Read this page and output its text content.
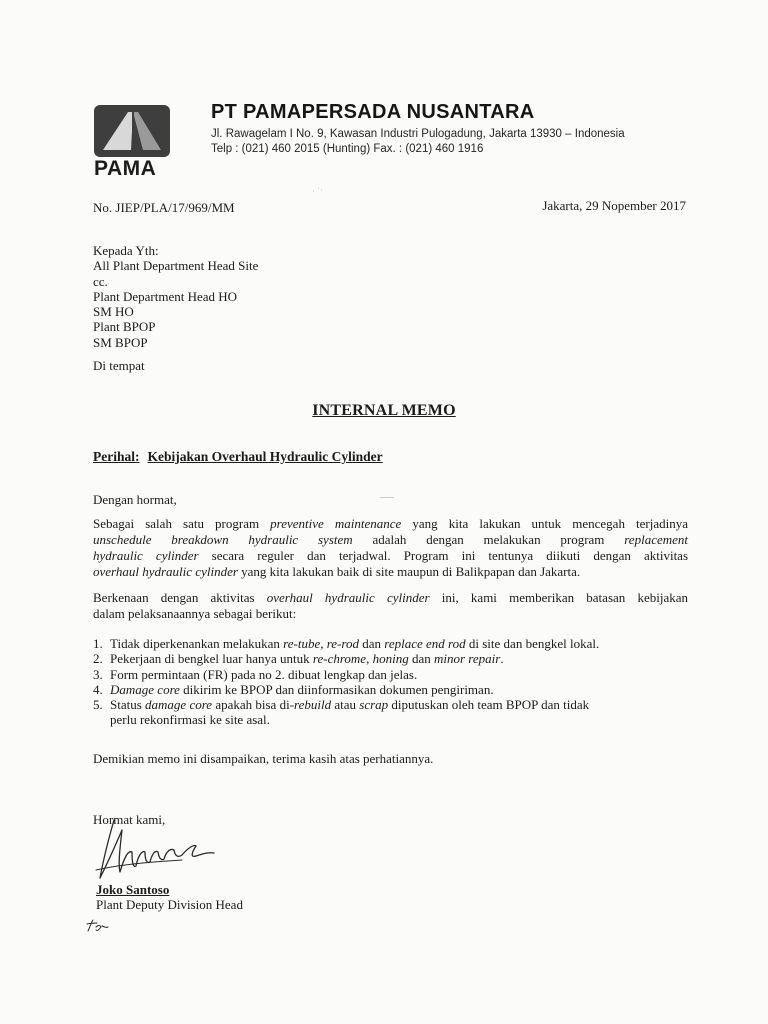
PAMA
PT PAMAPERSADA NUSANTARA
Jl. Rawagelam I No. 9, Kawasan Industri Pulogadung, Jakarta 13930 – Indonesia
Telp : (021) 460 2015 (Hunting) Fax. : (021) 460 1916
· ˙ˑ
No. JIEP/PLA/17/969/MM	Jakarta, 29 Nopember 2017
Kepada Yth:
All Plant Department Head Site
cc.
Plant Department Head HO
SM HO
Plant BPOP
SM BPOP
Di tempat
INTERNAL MEMO
Perihal: Kebijakan Overhaul Hydraulic Cylinder
Dengan hormat,
Sebagai salah satu program preventive maintenance yang kita lakukan untuk mencegah terjadinya
unschedule breakdown hydraulic system adalah dengan melakukan program replacement
hydraulic cylinder secara reguler dan terjadwal. Program ini tentunya diikuti dengan aktivitas
overhaul hydraulic cylinder yang kita lakukan baik di site maupun di Balikpapan dan Jakarta.
Berkenaan dengan aktivitas overhaul hydraulic cylinder ini, kami memberikan batasan kebijakan
dalam pelaksanaannya sebagai berikut:
1. Tidak diperkenankan melakukan re-tube, re-rod dan replace end rod di site dan bengkel lokal.
2. Pekerjaan di bengkel luar hanya untuk re-chrome, honing dan minor repair.
3. Form permintaan (FR) pada no 2. dibuat lengkap dan jelas.
4. Damage core dikirim ke BPOP dan diinformasikan dokumen pengiriman.
5. Status damage core apakah bisa di-rebuild atau scrap diputuskan oleh team BPOP dan tidak
perlu rekonfirmasi ke site asal.
Demikian memo ini disampaikan, terima kasih atas perhatiannya.
Hormat kami,
Joko Santoso
Plant Deputy Division Head
